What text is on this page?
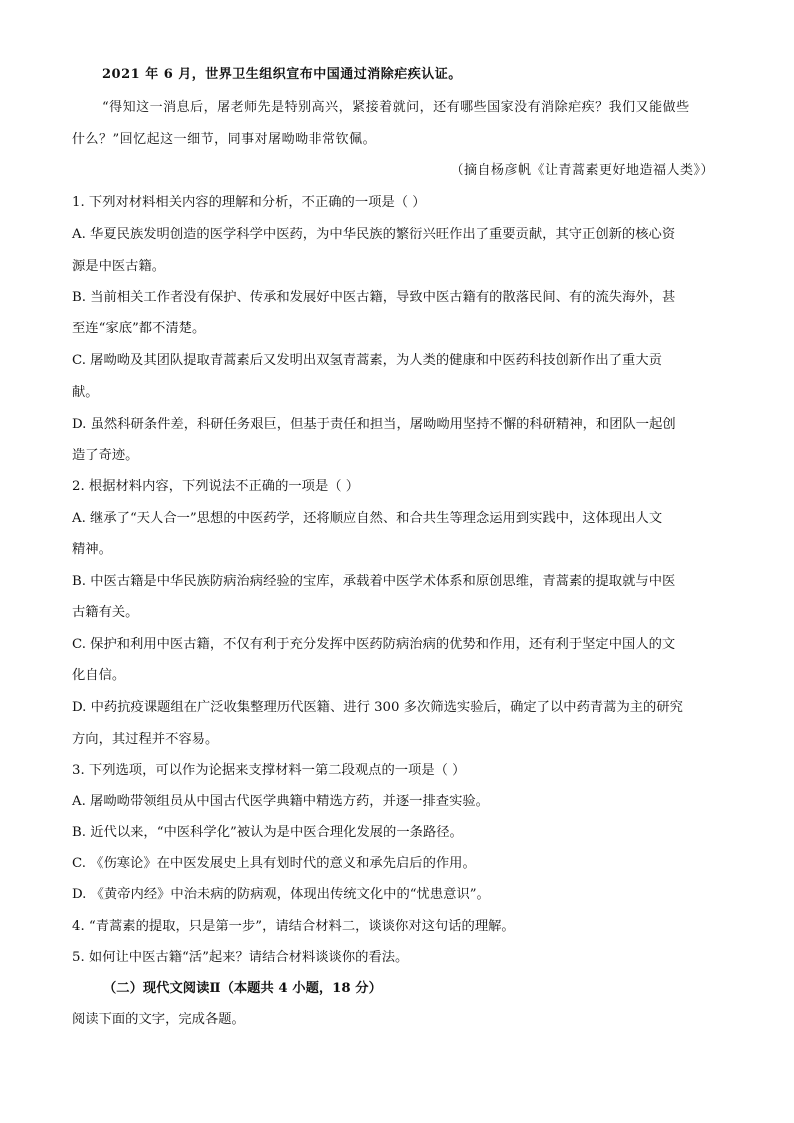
2021 年 6 月，世界卫生组织宣布中国通过消除疟疾认证。
“得知这一消息后，屠老师先是特别高兴，紧接着就问，还有哪些国家没有消除疟疾？我们又能做些
什么？”回忆起这一细节，同事对屠呦呦非常钦佩。
（摘自杨彦帆《让青蒿素更好地造福人类》）
1. 下列对材料相关内容的理解和分析，不正确的一项是（ ）
A. 华夏民族发明创造的医学科学中医药，为中华民族的繁衍兴旺作出了重要贡献，其守正创新的核心资
源是中医古籍。
B. 当前相关工作者没有保护、传承和发展好中医古籍，导致中医古籍有的散落民间、有的流失海外，甚
至连“家底”都不清楚。
C. 屠呦呦及其团队提取青蒿素后又发明出双氢青蒿素，为人类的健康和中医药科技创新作出了重大贡
献。
D. 虽然科研条件差，科研任务艰巨，但基于责任和担当，屠呦呦用坚持不懈的科研精神，和团队一起创
造了奇迹。
2. 根据材料内容，下列说法不正确的一项是（ ）
A. 继承了“天人合一”思想的中医药学，还将顺应自然、和合共生等理念运用到实践中，这体现出人文
精神。
B. 中医古籍是中华民族防病治病经验的宝库，承载着中医学术体系和原创思维，青蒿素的提取就与中医
古籍有关。
C. 保护和利用中医古籍，不仅有利于充分发挥中医药防病治病的优势和作用，还有利于坚定中国人的文
化自信。
D. 中药抗疫课题组在广泛收集整理历代医籍、进行 300 多次筛选实验后，确定了以中药青蒿为主的研究
方向，其过程并不容易。
3. 下列选项，可以作为论据来支撑材料一第二段观点的一项是（ ）
A. 屠呦呦带领组员从中国古代医学典籍中精选方药，并逐一排查实验。
B. 近代以来，“中医科学化”被认为是中医合理化发展的一条路径。
C. 《伤寒论》在中医发展史上具有划时代的意义和承先启后的作用。
D. 《黄帝内经》中治未病的防病观，体现出传统文化中的“忧患意识”。
4. “青蒿素的提取，只是第一步”，请结合材料二，谈谈你对这句话的理解。
5. 如何让中医古籍“活”起来？请结合材料谈谈你的看法。
（二）现代文阅读Ⅱ（本题共 4 小题，18 分）
阅读下面的文字，完成各题。
